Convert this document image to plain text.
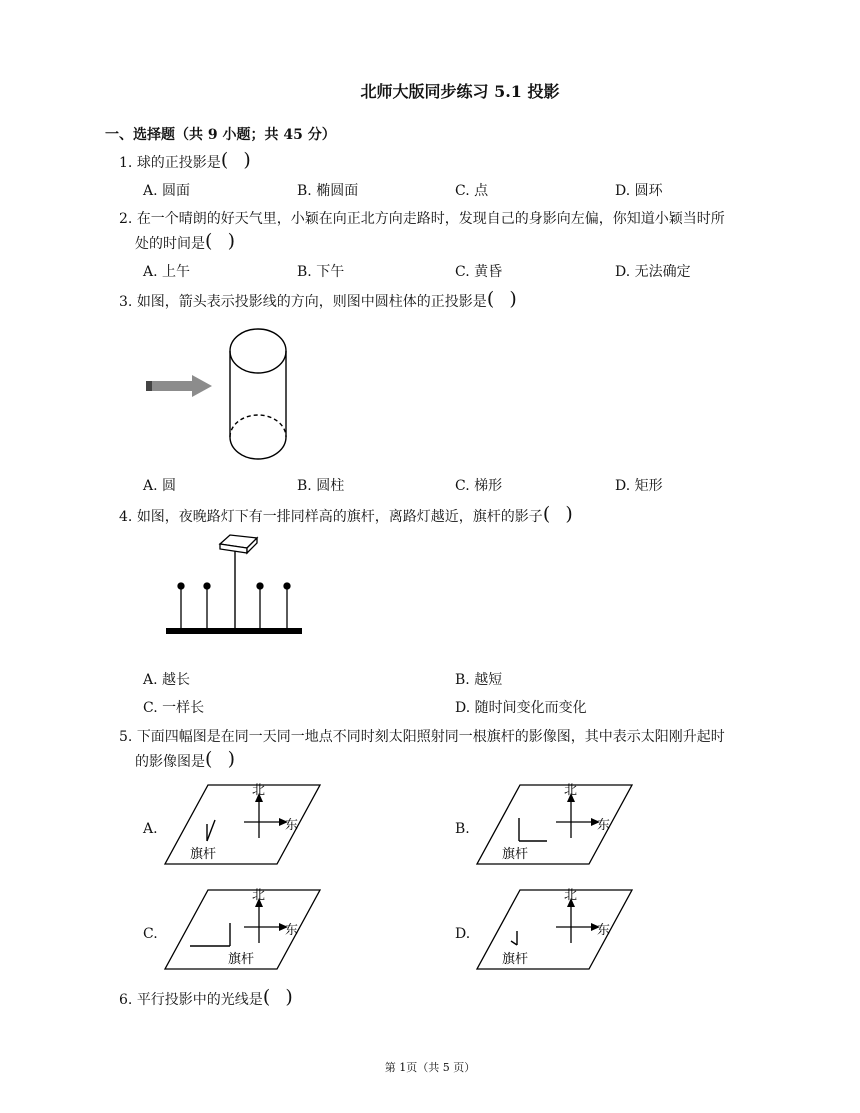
北师大版同步练习 5.1 投影
一、选择题（共 9 小题；共 45 分）
1. 球的正投影是( )
A. 圆面	B. 椭圆面	C. 点	D. 圆环
2. 在一个晴朗的好天气里，小颖在向正北方向走路时，发现自己的身影向左偏，你知道小颖当时所
处的时间是( )
A. 上午	B. 下午	C. 黄昏	D. 无法确定
3. 如图，箭头表示投影线的方向，则图中圆柱体的正投影是( )
A. 圆	B. 圆柱	C. 梯形	D. 矩形
4. 如图，夜晚路灯下有一排同样高的旗杆，离路灯越近，旗杆的影子( )
A. 越长	B. 越短
C. 一样长	D. 随时间变化而变化
5. 下面四幅图是在同一天同一地点不同时刻太阳照射同一根旗杆的影像图，其中表示太阳刚升起时
的影像图是( )
A.
北
东
旗杆
B.
北
东
旗杆
C.
北
东
旗杆
D.
北
东
旗杆
6. 平行投影中的光线是( )
第 1页（共 5 页）
